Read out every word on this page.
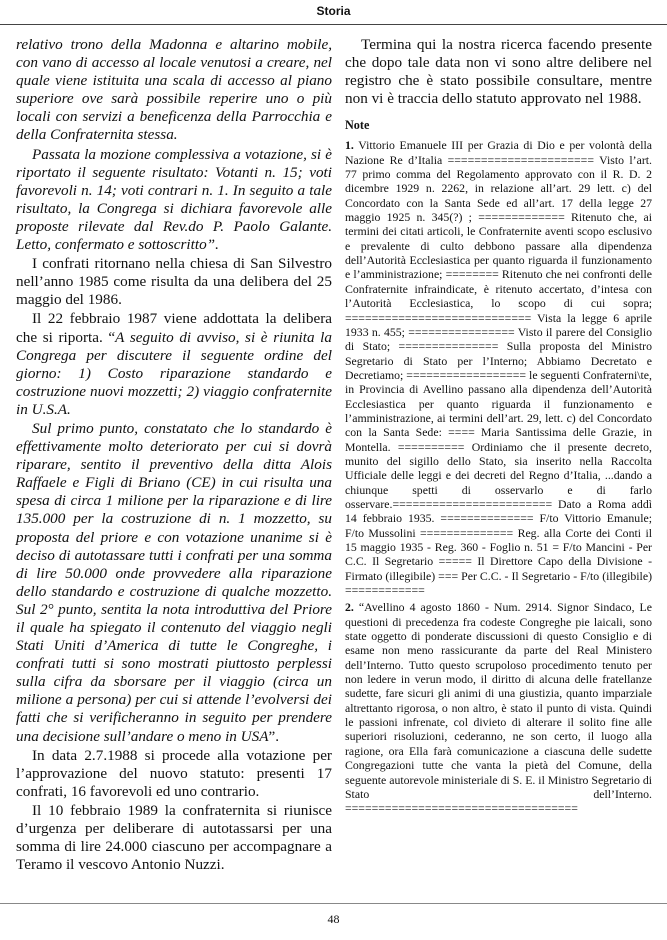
Storia

relativo trono della Madonna e altarino mobile, con vano di accesso al locale venutosi a creare, nel quale viene istituita una scala di accesso al piano superiore ove sarà possibile reperire uno o più locali con servizi a beneficenza della Parrocchia e della Confraternita stessa.

Passata la mozione complessiva a votazione, si è riportato il seguente risultato: Votanti n. 15; voti favorevoli n. 14; voti contrari n. 1. In seguito a tale risultato, la Congrega si dichiara favorevole alle proposte rilevate dal Rev.do P. Paolo Galante. Letto, confermato e sottoscritto”.

I confrati ritornano nella chiesa di San Silvestro nell’anno 1985 come risulta da una delibera del 25 maggio del 1986.

Il 22 febbraio 1987 viene addottata la delibera che si riporta. “A seguito di avviso, si è riunita la Congrega per discutere il seguente ordine del giorno: 1) Costo riparazione standardo e costruzione nuovi mozzetti; 2) viaggio confraternite in U.S.A.

Sul primo punto, constatato che lo standardo è effettivamente molto deteriorato per cui si dovrà riparare, sentito il preventivo della ditta Alois Raffaele e Figli di Briano (CE) in cui risulta una spesa di circa 1 milione per la riparazione e di lire 135.000 per la costruzione di n. 1 mozzetto, su proposta del priore e con votazione unanime si è deciso di autotassare tutti i confrati per una somma di lire 50.000 onde provvedere alla riparazione dello standardo e costruzione di qualche mozzetto. Sul 2° punto, sentita la nota introduttiva del Priore il quale ha spiegato il contenuto del viaggio negli Stati Uniti d’America di tutte le Congreghe, i confrati tutti si sono mostrati piuttosto perplessi sulla cifra da sborsare per il viaggio (circa un milione a persona) per cui si attende l’evolversi dei fatti che si verificheranno in seguito per prendere una decisione sull’andare o meno in USA”.

In data 2.7.1988 si procede alla votazione per l’approvazione del nuovo statuto: presenti 17 confrati, 16 favorevoli ed uno contrario.

Il 10 febbraio 1989 la confraternita si riunisce d’urgenza per deliberare di autotassarsi per una somma di lire 24.000 ciascuno per accompagnare a Teramo il vescovo Antonio Nuzzi.

Termina qui la nostra ricerca facendo presente che dopo tale data non vi sono altre delibere nel registro che è stato possibile consultare, mentre non vi è traccia dello statuto approvato nel 1988.

Note

1. Vittorio Emanuele III per Grazia di Dio e per volontà della Nazione Re d’Italia ====================== Visto l’art. 77 primo comma del Regolamento approvato con il R. D. 2 dicembre 1929 n. 2262, in relazione all’art. 29 lett. c) del Concordato con la Santa Sede ed all’art. 17 della legge 27 maggio 1925 n. 345(?) ; ============= Ritenuto che, ai termini dei citati articoli, le Confraternite aventi scopo esclusivo e prevalente di culto debbono passare alla dipendenza dell’Autorità Ecclesiastica per quanto riguarda il funzionamento e l’amministrazione; ======== Ritenuto che nei confronti delle Confraternite infraindicate, è ritenuto accertato, d’intesa con l’Autorità Ecclesiastica, lo scopo di cui sopra; ============================ Vista la legge 6 aprile 1933 n. 455; ================ Visto il parere del Consiglio di Stato; =============== Sulla proposta del Ministro Segretario di Stato per l’Interno; Abbiamo Decretato e Decretiamo; ================== le seguenti Confraterni\te, in Provincia di Avellino passano alla dipendenza dell’Autorità Ecclesiastica per quanto riguarda il funzionamento e l’amministrazione, ai termini dell’art. 29, lett. c) del Concordato con la Santa Sede: ==== Maria Santissima delle Grazie, in Montella. ========== Ordiniamo che il presente decreto, munito del sigillo dello Stato, sia inserito nella Raccolta Ufficiale delle leggi e dei decreti del Regno d’Italia, ...dando a chiunque spetti di osservarlo e di farlo osservare.======================== Dato a Roma addì 14 febbraio 1935. ============== F/to Vittorio Emanule; F/to Mussolini ============== Reg. alla Corte dei Conti il 15 maggio 1935 - Reg. 360 - Foglio n. 51 = F/to Mancini - Per C.C. Il Segretario ===== Il Direttore Capo della Divisione - Firmato (illegibile) === Per C.C. - Il Segretario - F/to (illegibile) ============

2. “Avellino 4 agosto 1860 - Num. 2914. Signor Sindaco, Le questioni di precedenza fra codeste Congreghe pie laicali, sono state oggetto di ponderate discussioni di questo Consiglio e di esame non meno rassicurante da parte del Real Ministero dell’Interno. Tutto questo scrupoloso procedimento tenuto per non ledere in verun modo, il diritto di alcuna delle fratellanze sudette, fare sicuri gli animi di una giustizia, quanto imparziale altrettanto rigorosa, o non altro, è stato il punto di vista. Quindi le passioni infrenate, col divieto di alterare il solito fine alle superiori risoluzioni, cederanno, ne son certo, il luogo alla ragione, ora Ella farà comunicazione a ciascuna delle sudette Congregazioni tutte che vanta la pietà del Comune, della seguente autorevole ministeriale di S. E. il Ministro Segretario di Stato dell’Interno. ===================================

48
